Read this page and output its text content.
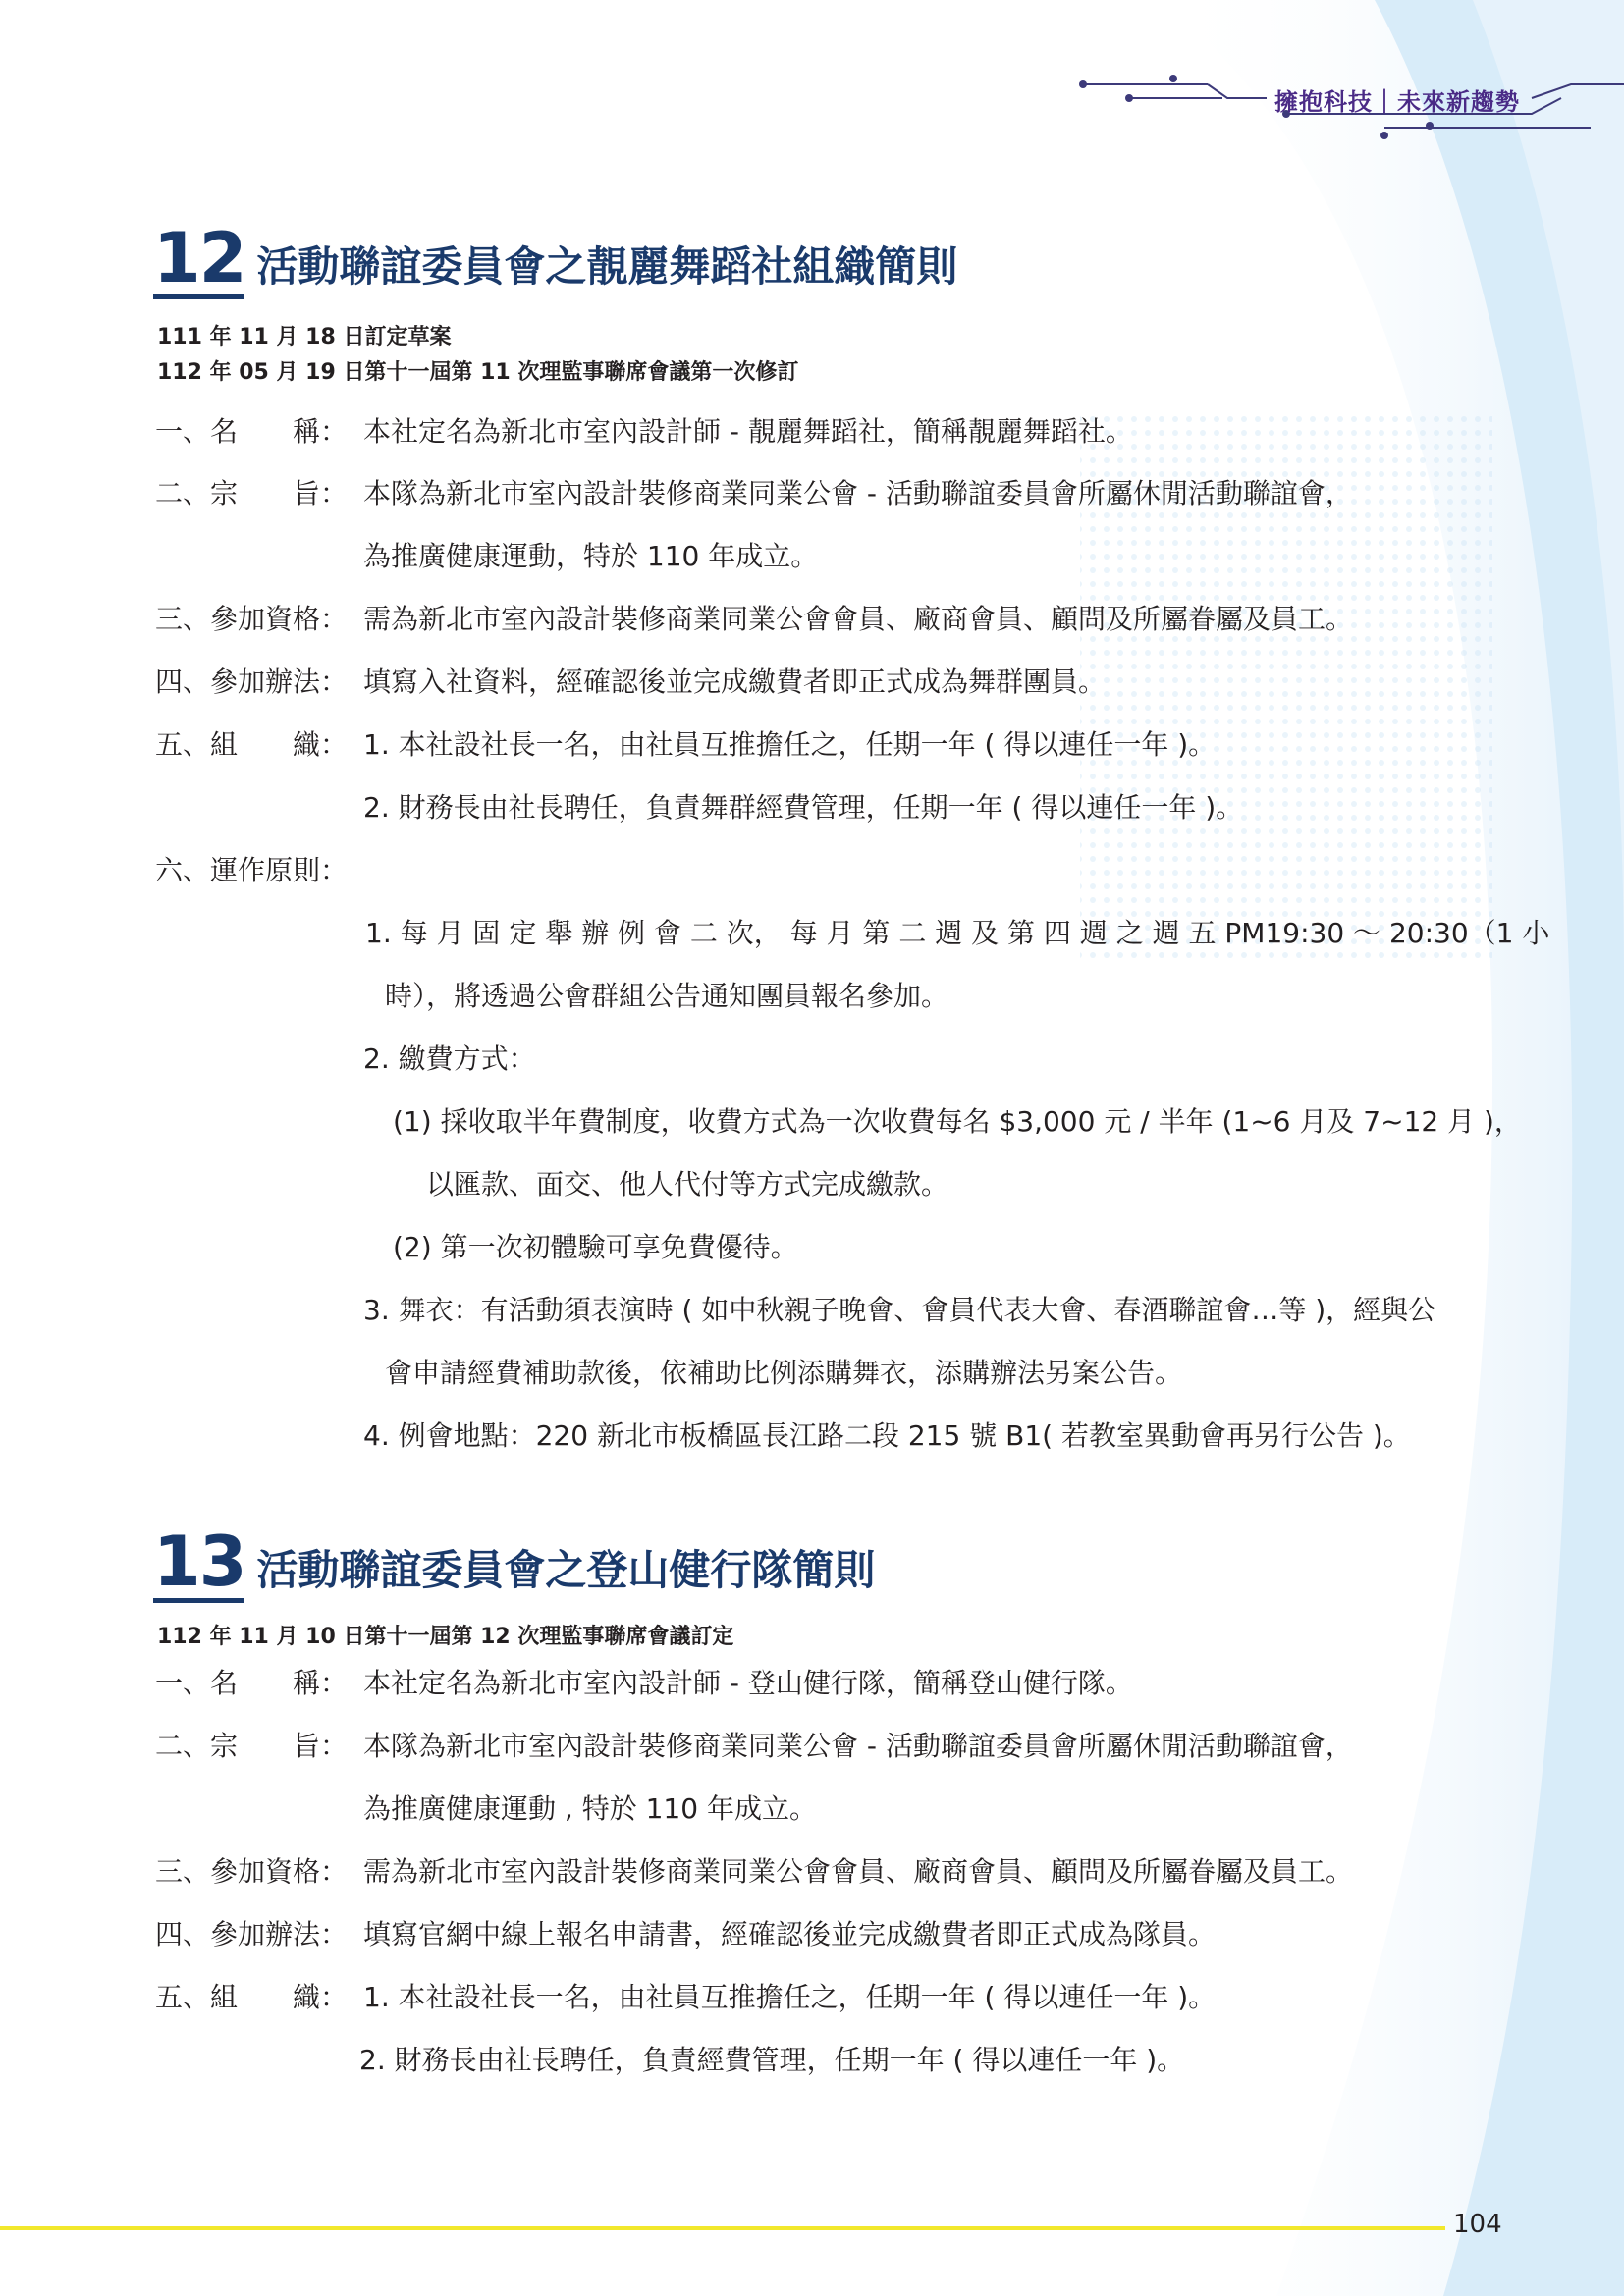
擁抱科技｜未來新趨勢
12 活動聯誼委員會之靚麗舞蹈社組織簡則
111 年 11 月 18 日訂定草案
112 年 05 月 19 日第十一屆第 11 次理監事聯席會議第一次修訂
一、名　　稱： 本社定名為新北市室內設計師 - 靚麗舞蹈社，簡稱靚麗舞蹈社。
二、宗　　旨： 本隊為新北市室內設計裝修商業同業公會 - 活動聯誼委員會所屬休閒活動聯誼會，
為推廣健康運動，特於 110 年成立。
三、參加資格： 需為新北市室內設計裝修商業同業公會會員、廠商會員、顧問及所屬眷屬及員工。
四、參加辦法： 填寫入社資料，經確認後並完成繳費者即正式成為舞群團員。
五、組　　織： 1. 本社設社長一名，由社員互推擔任之，任期一年 ( 得以連任一年 )。
2. 財務長由社長聘任，負責舞群經費管理，任期一年 ( 得以連任一年 )。
六、運作原則：
1. 每 月 固 定 舉 辦 例 會 二 次， 每 月 第 二 週 及 第 四 週 之 週 五 PM19:30 ～ 20:30（1 小
時），將透過公會群組公告通知團員報名參加。
2. 繳費方式：
(1) 採收取半年費制度，收費方式為一次收費每名 $3,000 元 / 半年 (1~6 月及 7~12 月 )，
以匯款、面交、他人代付等方式完成繳款。
(2) 第一次初體驗可享免費優待。
3. 舞衣：有活動須表演時 ( 如中秋親子晚會、會員代表大會、春酒聯誼會…等 )，經與公
會申請經費補助款後，依補助比例添購舞衣，添購辦法另案公告。
4. 例會地點：220 新北市板橋區長江路二段 215 號 B1( 若教室異動會再另行公告 )。
13 活動聯誼委員會之登山健行隊簡則
112 年 11 月 10 日第十一屆第 12 次理監事聯席會議訂定
一、名　　稱： 本社定名為新北市室內設計師 - 登山健行隊，簡稱登山健行隊。
二、宗　　旨： 本隊為新北市室內設計裝修商業同業公會 - 活動聯誼委員會所屬休閒活動聯誼會，
為推廣健康運動 , 特於 110 年成立。
三、參加資格： 需為新北市室內設計裝修商業同業公會會員、廠商會員、顧問及所屬眷屬及員工。
四、參加辦法： 填寫官網中線上報名申請書，經確認後並完成繳費者即正式成為隊員。
五、組　　織： 1. 本社設社長一名，由社員互推擔任之，任期一年 ( 得以連任一年 )。
2. 財務長由社長聘任，負責經費管理，任期一年 ( 得以連任一年 )。
104
